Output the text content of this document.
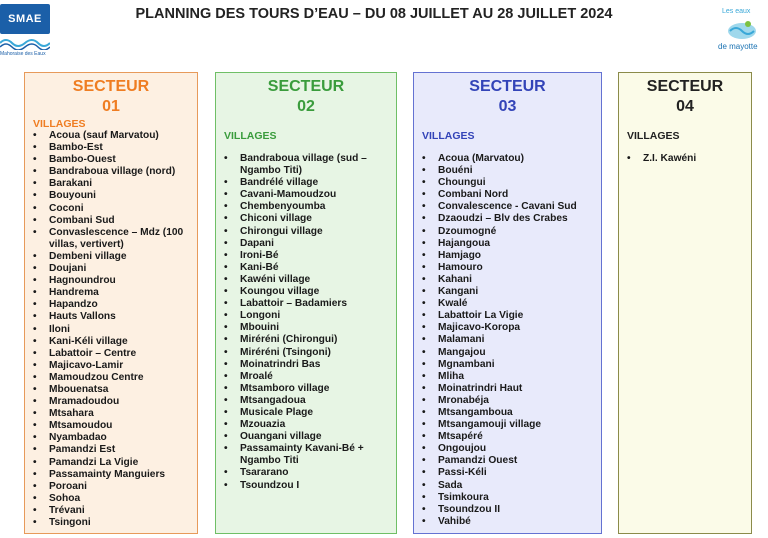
SMAE
Mahoraise des Eaux
PLANNING DES TOURS D’EAU – DU 08 JUILLET AU 28 JUILLET 2024	Les eaux
de mayotte
SECTEUR
01
VILLAGES
• Acoua (sauf Marvatou)
• Bambo-Est
• Bambo-Ouest
• Bandraboua village (nord)
• Barakani
• Bouyouni
• Coconi
• Combani Sud
• Convaslescence – Mdz (100 villas, vertivert)
• Dembeni village
• Doujani
• Hagnoundrou
• Handrema
• Hapandzo
• Hauts Vallons
• Iloni
• Kani-Kéli village
• Labattoir – Centre
• Majicavo-Lamir
• Mamoudzou Centre
• Mbouenatsa
• Mramadoudou
• Mtsahara
• Mtsamoudou
• Nyambadao
• Pamandzi Est
• Pamandzi La Vigie
• Passamainty Manguiers
• Poroani
• Sohoa
• Trévani
• Tsingoni
SECTEUR
02
VILLAGES
• Bandraboua village (sud – Ngambo Titi)
• Bandrélé village
• Cavani-Mamoudzou
• Chembenyoumba
• Chiconi village
• Chirongui village
• Dapani
• Ironi-Bé
• Kani-Bé
• Kawéni village
• Koungou village
• Labattoir – Badamiers
• Longoni
• Mbouini
• Miréréni (Chirongui)
• Miréréni (Tsingoni)
• Moinatrindri Bas
• Mroalé
• Mtsamboro village
• Mtsangadoua
• Musicale Plage
• Mzouazia
• Ouangani village
• Passamainty Kavani-Bé + Ngambo Titi
• Tsararano
• Tsoundzou I
SECTEUR
03
VILLAGES
• Acoua (Marvatou)
• Bouéni
• Choungui
• Combani Nord
• Convalescence - Cavani Sud
• Dzaoudzi – Blv des Crabes
• Dzoumogné
• Hajangoua
• Hamjago
• Hamouro
• Kahani
• Kangani
• Kwalé
• Labattoir La Vigie
• Majicavo-Koropa
• Malamani
• Mangajou
• Mgnambani
• Mliha
• Moinatrindri Haut
• Mronabéja
• Mtsangamboua
• Mtsangamouji village
• Mtsapéré
• Ongoujou
• Pamandzi Ouest
• Passi-Kéli
• Sada
• Tsimkoura
• Tsoundzou II
• Vahibé
SECTEUR
04
VILLAGES
• Z.I. Kawéni
